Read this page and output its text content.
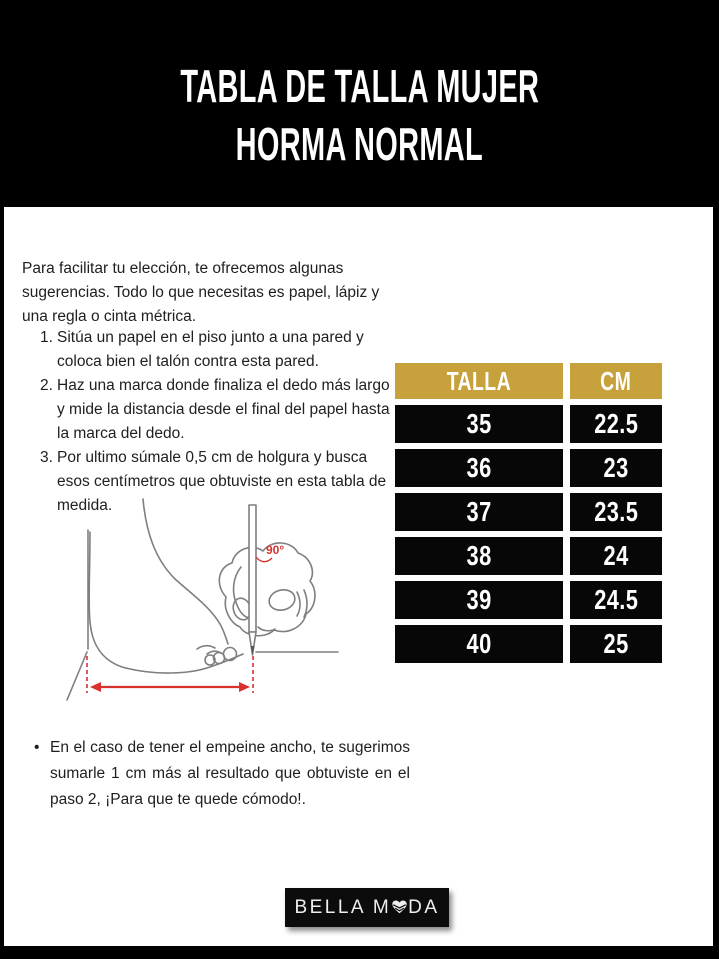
TABLA DE TALLA MUJER
HORMA NORMAL

Para facilitar tu elección, te ofrecemos algunas sugerencias. Todo lo que necesitas es papel, lápiz y una regla o cinta métrica.

1. Sitúa un papel en el piso junto a una pared y coloca bien el talón contra esta pared.
2. Haz una marca donde finaliza el dedo más largo y mide la distancia desde el final del papel hasta la marca del dedo.
3. Por ultimo súmale 0,5 cm de holgura y busca esos centímetros que obtuviste en esta tabla de medida.
TALLA	CM
35	22.5
36	23
37	23.5
38	24
39	24.5
40	25
90°
• En el caso de tener el empeine ancho, te sugerimos sumarle 1 cm más al resultado que obtuviste en el paso 2, ¡Para que te quede cómodo!.
BELLA M DA
